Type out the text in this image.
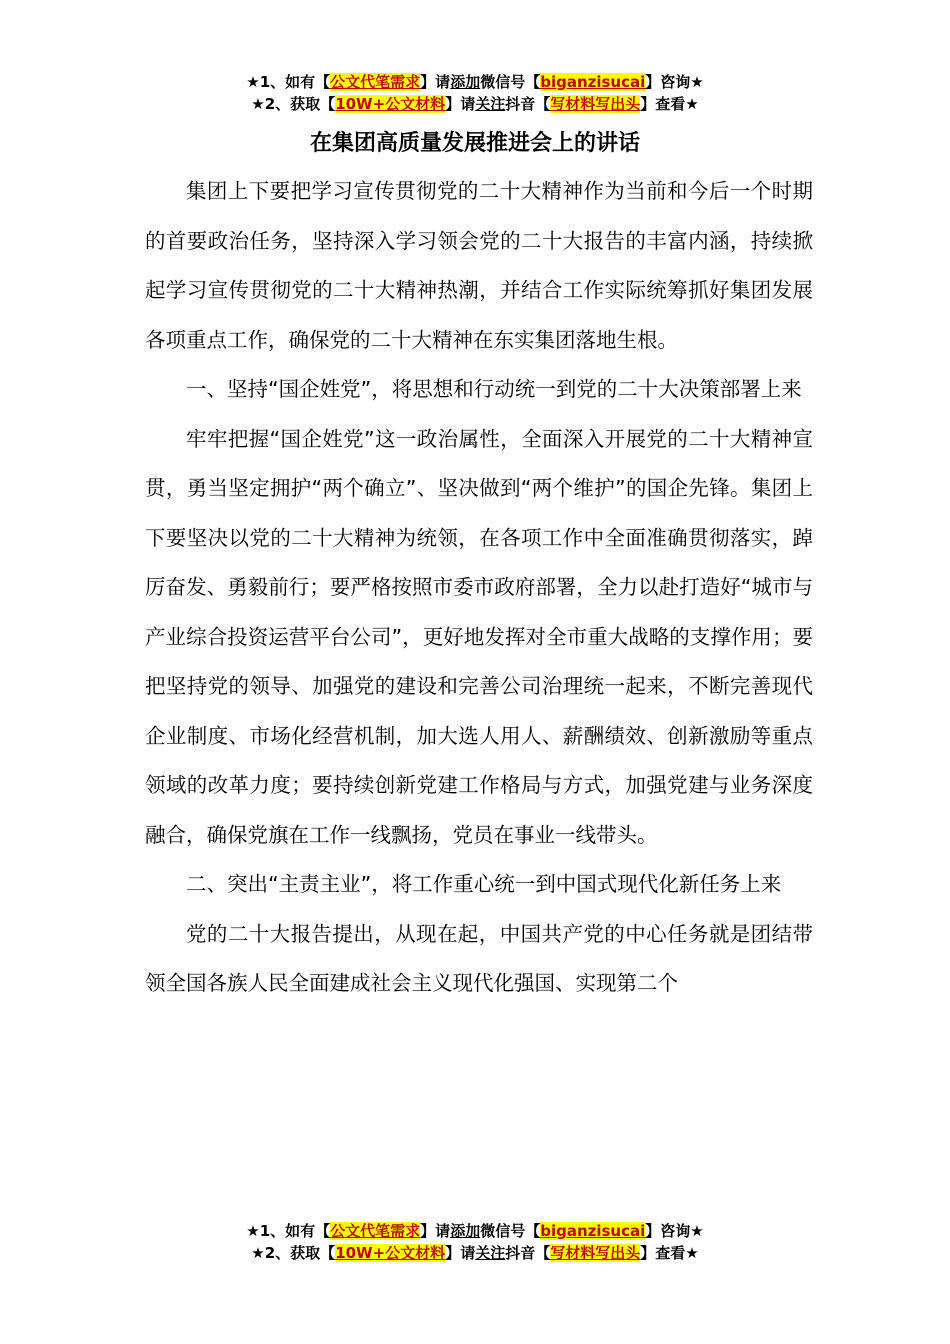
★1、如有【公文代笔需求】请添加微信号【biganzisucai】咨询★
★2、获取【10W+公文材料】请关注抖音【写材料写出头】查看★
在集团高质量发展推进会上的讲话

集团上下要把学习宣传贯彻党的二十大精神作为当前和今后一个时期的首要政治任务，坚持深入学习领会党的二十大报告的丰富内涵，持续掀起学习宣传贯彻党的二十大精神热潮，并结合工作实际统筹抓好集团发展各项重点工作，确保党的二十大精神在东实集团落地生根。

一、坚持“国企姓党”，将思想和行动统一到党的二十大决策部署上来

牢牢把握“国企姓党”这一政治属性，全面深入开展党的二十大精神宣贯，勇当坚定拥护“两个确立”、坚决做到“两个维护”的国企先锋。集团上下要坚决以党的二十大精神为统领，在各项工作中全面准确贯彻落实，踔厉奋发、勇毅前行；要严格按照市委市政府部署，全力以赴打造好“城市与产业综合投资运营平台公司”，更好地发挥对全市重大战略的支撑作用；要把坚持党的领导、加强党的建设和完善公司治理统一起来，不断完善现代企业制度、市场化经营机制，加大选人用人、薪酬绩效、创新激励等重点领域的改革力度；要持续创新党建工作格局与方式，加强党建与业务深度融合，确保党旗在工作一线飘扬，党员在事业一线带头。

二、突出“主责主业”，将工作重心统一到中国式现代化新任务上来

党的二十大报告提出，从现在起，中国共产党的中心任务就是团结带领全国各族人民全面建成社会主义现代化强国、实现第二个

★1、如有【公文代笔需求】请添加微信号【biganzisucai】咨询★
★2、获取【10W+公文材料】请关注抖音【写材料写出头】查看★
